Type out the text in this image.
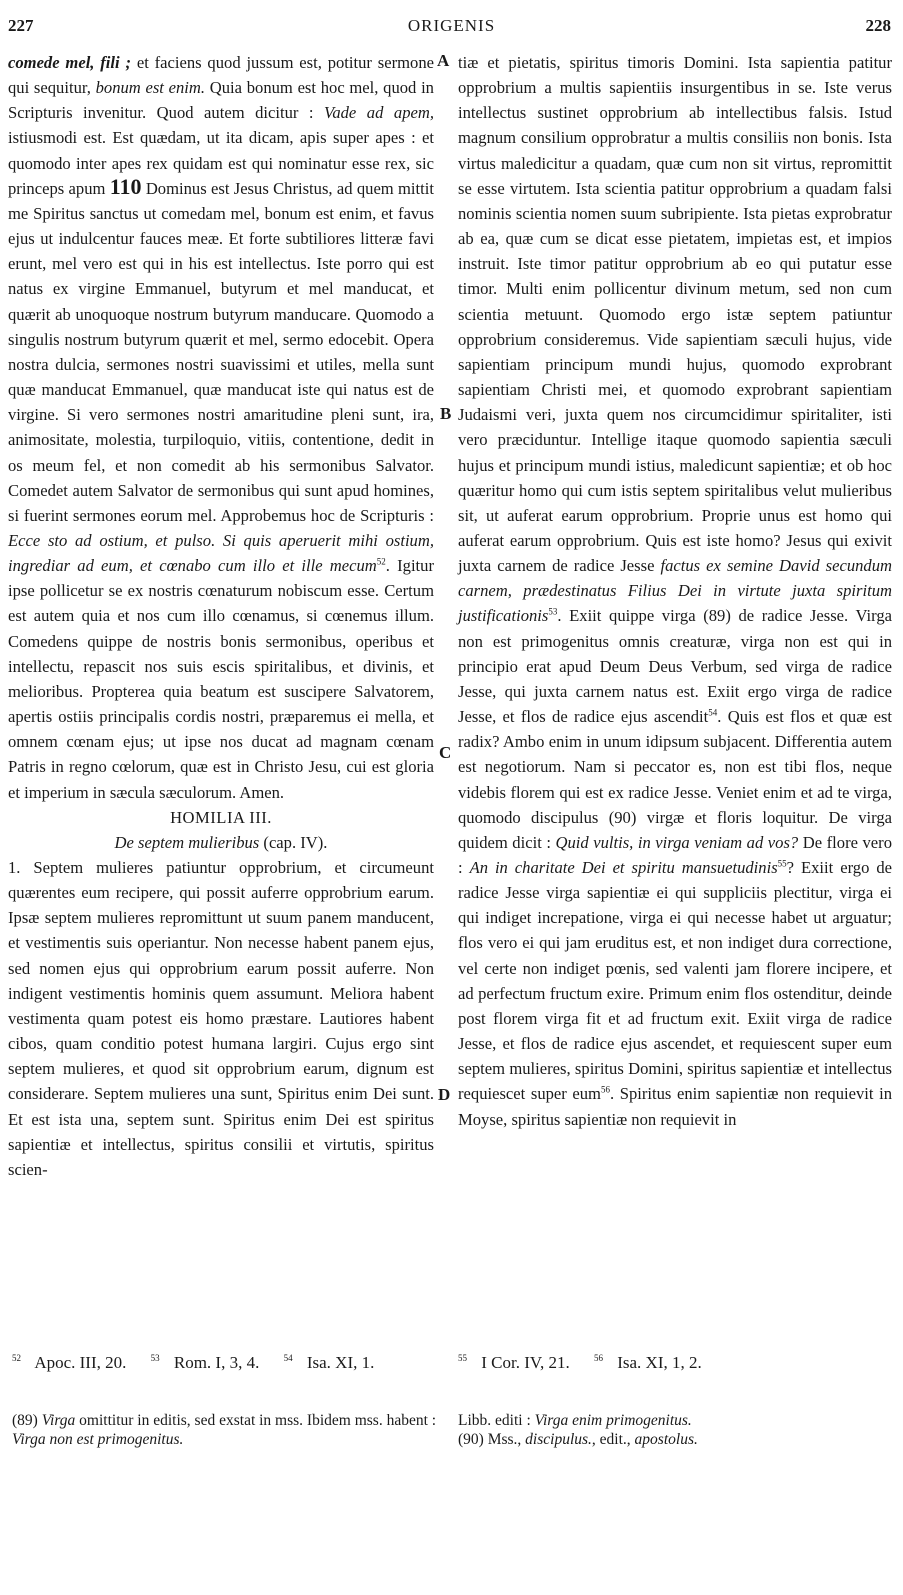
227	ORIGENIS	228

comede mel, fili ; et faciens quod jussum est, potitur sermone qui sequitur, bonum est enim. Quia bonum est hoc mel, quod in Scripturis invenitur. Quod autem dicitur : Vade ad apem, istiusmodi est. Est quædam, ut ita dicam, apis super apes : et quomodo inter apes rex quidam est qui nominatur esse rex, sic princeps apum 110 Dominus est Jesus Christus, ad quem mittit me Spiritus sanctus ut comedam mel, bonum est enim, et favus ejus ut indulcentur fauces meæ. Et forte subtiliores litteræ favi erunt, mel vero est qui in his est intellectus. Iste porro qui est natus ex virgine Emmanuel, butyrum et mel manducat, et quærit ab unoquoque nostrum butyrum manducare. Quomodo a singulis nostrum butyrum quærit et mel, sermo edocebit. Opera nostra dulcia, sermones nostri suavissimi et utiles, mella sunt quæ manducat Emmanuel, quæ manducat iste qui natus est de virgine. Si vero sermones nostri amaritudine pleni sunt, ira, animositate, molestia, turpiloquio, vitiis, contentione, dedit in os meum fel, et non comedit ab his sermonibus Salvator. Comedet autem Salvator de sermonibus qui sunt apud homines, si fuerint sermones eorum mel. Approbemus hoc de Scripturis : Ecce sto ad ostium, et pulso. Si quis aperuerit mihi ostium, ingrediar ad eum, et cœnabo cum illo et ille mecum$^{52}$. Igitur ipse pollicetur se ex nostris cœnaturum nobiscum esse. Certum est autem quia et nos cum illo cœnamus, si cœnemus illum. Comedens quippe de nostris bonis sermonibus, operibus et intellectu, repascit nos suis escis spiritalibus, et divinis, et melioribus. Propterea quia beatum est suscipere Salvatorem, apertis ostiis principalis cordis nostri, præparemus ei mella, et omnem cœnam ejus; ut ipse nos ducat ad magnam cœnam Patris in regno cœlorum, quæ est in Christo Jesu, cui est gloria et imperium in sæcula sæculorum. Amen.

HOMILIA III.

De septem mulieribus (cap. IV).

1. Septem mulieres patiuntur opprobrium, et circumeunt quærentes eum recipere, qui possit auferre opprobrium earum. Ipsæ septem mulieres repromittunt ut suum panem manducent, et vestimentis suis operiantur. Non necesse habent panem ejus, sed nomen ejus qui opprobrium earum possit auferre. Non indigent vestimentis hominis quem assumunt. Meliora habent vestimenta quam potest eis homo præstare. Lautiores habent cibos, quam conditio potest humana largiri. Cujus ergo sint septem mulieres, et quod sit opprobrium earum, dignum est considerare. Septem mulieres una sunt, Spiritus enim Dei sunt. Et est ista una, septem sunt. Spiritus enim Dei est spiritus sapientiæ et intellectus, spiritus consilii et virtutis, spiritus scien-

A
B
C
D

tiæ et pietatis, spiritus timoris Domini. Ista sapientia patitur opprobrium a multis sapientiis insurgentibus in se. Iste verus intellectus sustinet opprobrium ab intellectibus falsis. Istud magnum consilium opprobratur a multis consiliis non bonis. Ista virtus maledicitur a quadam, quæ cum non sit virtus, repromittit se esse virtutem. Ista scientia patitur opprobrium a quadam falsi nominis scientia nomen suum subripiente. Ista pietas exprobratur ab ea, quæ cum se dicat esse pietatem, impietas est, et impios instruit. Iste timor patitur opprobrium ab eo qui putatur esse timor. Multi enim pollicentur divinum metum, sed non cum scientia metuunt. Quomodo ergo istæ septem patiuntur opprobrium consideremus. Vide sapientiam sæculi hujus, vide sapientiam principum mundi hujus, quomodo exprobrant sapientiam Christi mei, et quomodo exprobrant sapientiam Judaismi veri, juxta quem nos circumcidimur spiritaliter, isti vero præciduntur. Intellige itaque quomodo sapientia sæculi hujus et principum mundi istius, maledicunt sapientiæ; et ob hoc quæritur homo qui cum istis septem spiritalibus velut mulieribus sit, ut auferat earum opprobrium. Proprie unus est homo qui auferat earum opprobrium. Quis est iste homo? Jesus qui exivit juxta carnem de radice Jesse factus ex semine David secundum carnem, prædestinatus Filius Dei in virtute juxta spiritum justificationis$^{53}$. Exiit quippe virga (89) de radice Jesse. Virga non est primogenitus omnis creaturæ, virga non est qui in principio erat apud Deum Deus Verbum, sed virga de radice Jesse, qui juxta carnem natus est. Exiit ergo virga de radice Jesse, et flos de radice ejus ascendit$^{54}$. Quis est flos et quæ est radix? Ambo enim in unum idipsum subjacent. Differentia autem est negotiorum. Nam si peccator es, non est tibi flos, neque videbis florem qui est ex radice Jesse. Veniet enim et ad te virga, quomodo discipulus (90) virgæ et floris loquitur. De virga quidem dicit : Quid vultis, in virga veniam ad vos? De flore vero : An in charitate Dei et spiritu mansuetudinis$^{55}$? Exiit ergo de radice Jesse virga sapientiæ ei qui suppliciis plectitur, virga ei qui indiget increpatione, virga ei qui necesse habet ut arguatur; flos vero ei qui jam eruditus est, et non indiget dura correctione, vel certe non indiget pœnis, sed valenti jam florere incipere, et ad perfectum fructum exire. Primum enim flos ostenditur, deinde post florem virga fit et ad fructum exit. Exiit virga de radice Jesse, et flos de radice ejus ascendet, et requiescent super eum septem mulieres, spiritus Domini, spiritus sapientiæ et intellectus requiescet super eum$^{56}$. Spiritus enim sapientiæ non requievit in Moyse, spiritus sapientiæ non requievit in

$^{52}$ Apoc. III, 20.	$^{53}$ Rom. I, 3, 4.	$^{54}$ Isa. XI, 1.	$^{55}$ I Cor. IV, 21.	$^{56}$ Isa. XI, 1, 2.

(89) Virga omittitur in editis, sed exstat in mss. Ibidem mss. habent : Virga non est primogenitus.

Libb. editi : Virga enim primogenitus.

(90) Mss., discipulus., edit., apostolus.
